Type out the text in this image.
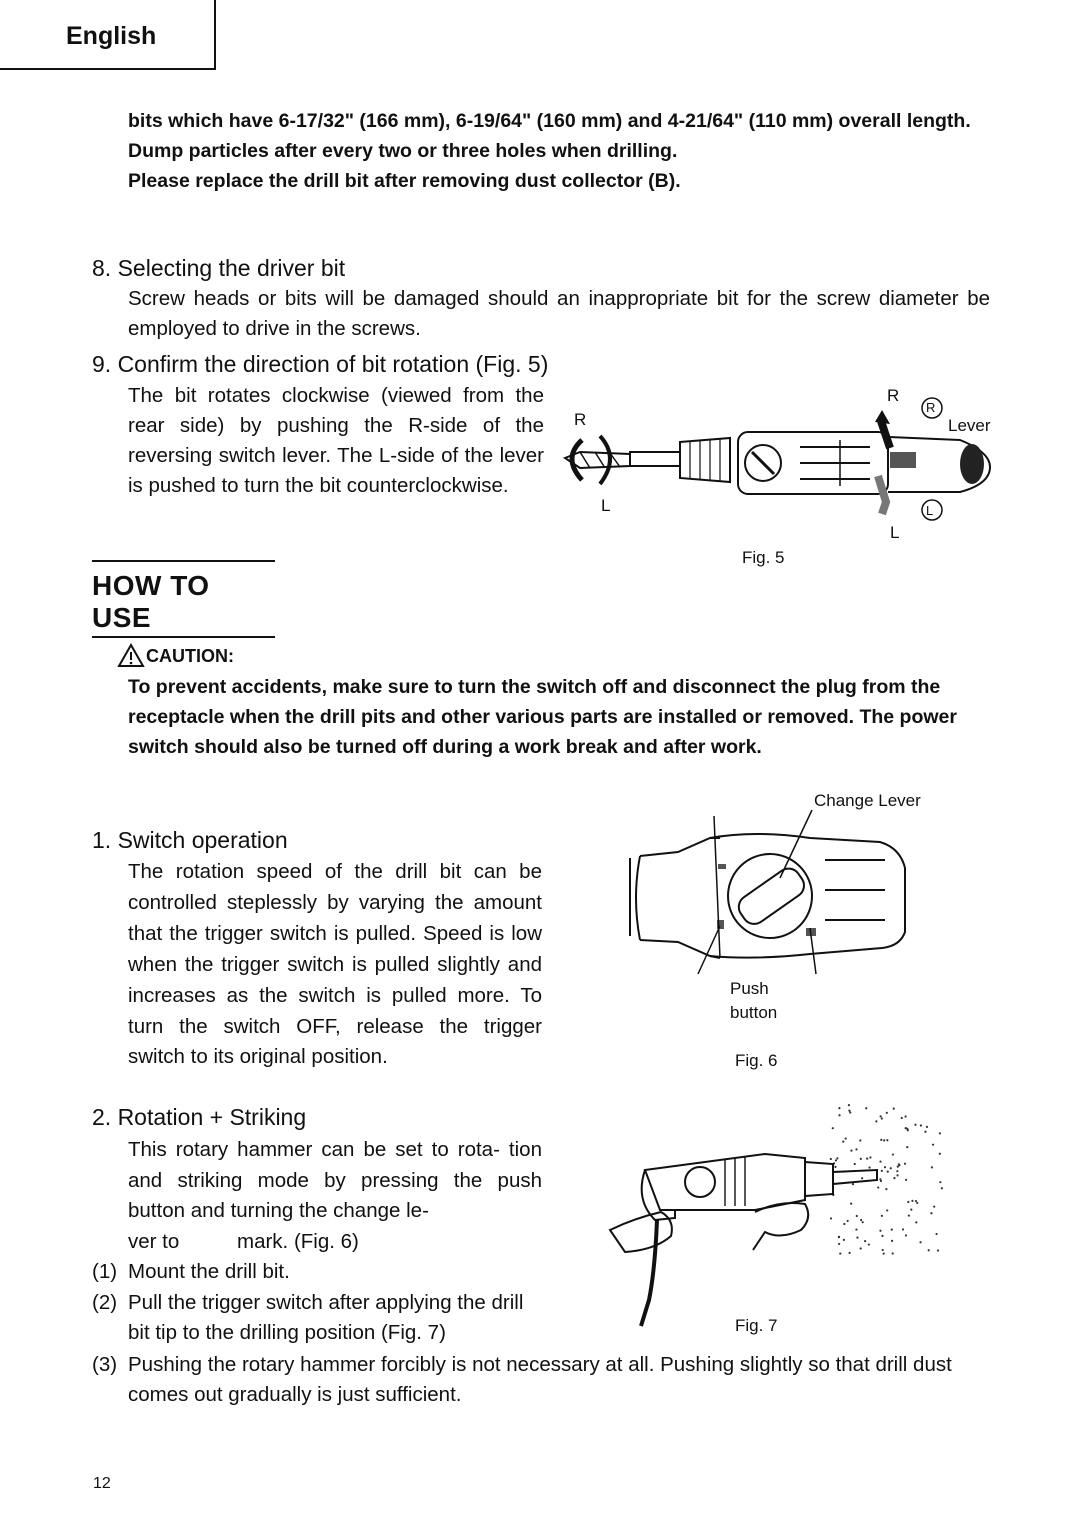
English
bits which have 6-17/32" (166 mm), 6-19/64" (160 mm) and 4-21/64" (110 mm) overall length.
Dump particles after every two or three holes when drilling.
Please replace the drill bit after removing dust collector (B).
8. Selecting the driver bit
Screw heads or bits will be damaged should an inappropriate bit for the screw diameter be employed to drive in the screws.
9. Confirm the direction of bit rotation (Fig. 5)
The bit rotates clockwise (viewed from the rear side) by pushing the R-side of the reversing switch lever. The L-side of the lever is pushed to turn the bit counterclockwise.
R
R
R
Lever
L	L
L
Fig. 5
HOW TO USE
CAUTION:
To prevent accidents, make sure to turn the switch off and disconnect the plug from the receptacle when the drill pits and other various parts are installed or removed. The power switch should also be turned off during a work break and after work.
Change Lever
Push
button
Fig. 6
1. Switch operation
The rotation speed of the drill bit can be controlled steplessly by varying the amount that the trigger switch is pulled. Speed is low when the trigger switch is pulled slightly and increases as the switch is pulled more. To turn the switch OFF, release the trigger switch to its original position.
2. Rotation + Striking
This rotary hammer can be set to rota- tion and striking mode by pressing the push button and turning the change le-
ver to	mark. (Fig. 6)
(1) Mount the drill bit.
(2) Pull the trigger switch after applying the drill bit tip to the drilling position (Fig. 7)
(3) Pushing the rotary hammer forcibly is not necessary at all. Pushing slightly so that drill dust comes out gradually is just sufficient.
Fig. 7
12
